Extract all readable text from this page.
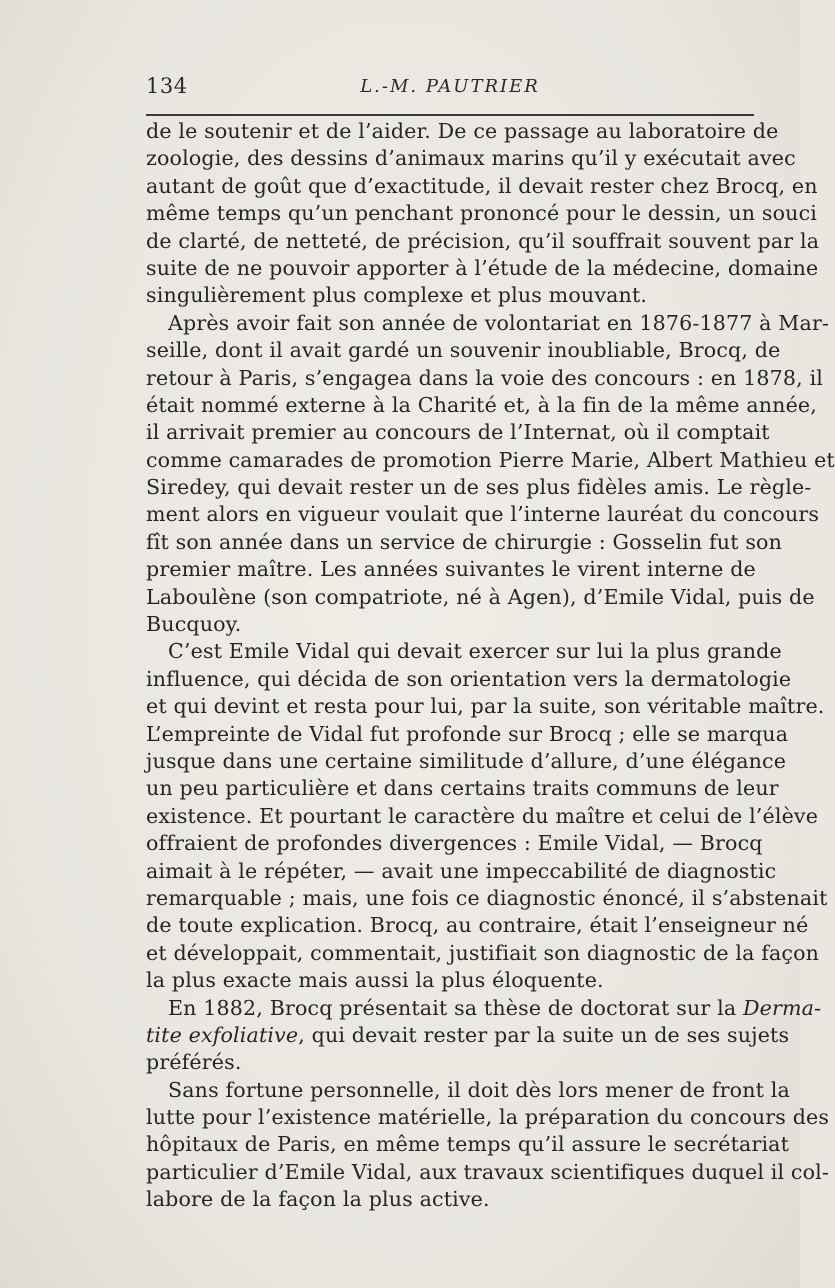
134	L.-M. PAUTRIER
de le soutenir et de l’aider. De ce passage au laboratoire de
zoologie, des dessins d’animaux marins qu’il y exécutait avec
autant de goût que d’exactitude, il devait rester chez Brocq, en
même temps qu’un penchant prononcé pour le dessin, un souci
de clarté, de netteté, de précision, qu’il souffrait souvent par la
suite de ne pouvoir apporter à l’étude de la médecine, domaine
singulièrement plus complexe et plus mouvant.
Après avoir fait son année de volontariat en 1876-1877 à Mar-
seille, dont il avait gardé un souvenir inoubliable, Brocq, de
retour à Paris, s’engagea dans la voie des concours : en 1878, il
était nommé externe à la Charité et, à la fin de la même année,
il arrivait premier au concours de l’Internat, où il comptait
comme camarades de promotion Pierre Marie, Albert Mathieu et
Siredey, qui devait rester un de ses plus fidèles amis. Le règle-
ment alors en vigueur voulait que l’interne lauréat du concours
fît son année dans un service de chirurgie : Gosselin fut son
premier maître. Les années suivantes le virent interne de
Laboulène (son compatriote, né à Agen), d’Emile Vidal, puis de
Bucquoy.
C’est Emile Vidal qui devait exercer sur lui la plus grande
influence, qui décida de son orientation vers la dermatologie
et qui devint et resta pour lui, par la suite, son véritable maître.
L’empreinte de Vidal fut profonde sur Brocq ; elle se marqua
jusque dans une certaine similitude d’allure, d’une élégance
un peu particulière et dans certains traits communs de leur
existence. Et pourtant le caractère du maître et celui de l’élève
offraient de profondes divergences : Emile Vidal, — Brocq
aimait à le répéter, — avait une impeccabilité de diagnostic
remarquable ; mais, une fois ce diagnostic énoncé, il s’abstenait
de toute explication. Brocq, au contraire, était l’enseigneur né
et développait, commentait, justifiait son diagnostic de la façon
la plus exacte mais aussi la plus éloquente.
En 1882, Brocq présentait sa thèse de doctorat sur la Derma-
tite exfoliative, qui devait rester par la suite un de ses sujets
préférés.
Sans fortune personnelle, il doit dès lors mener de front la
lutte pour l’existence matérielle, la préparation du concours des
hôpitaux de Paris, en même temps qu’il assure le secrétariat
particulier d’Emile Vidal, aux travaux scientifiques duquel il col-
labore de la façon la plus active.
